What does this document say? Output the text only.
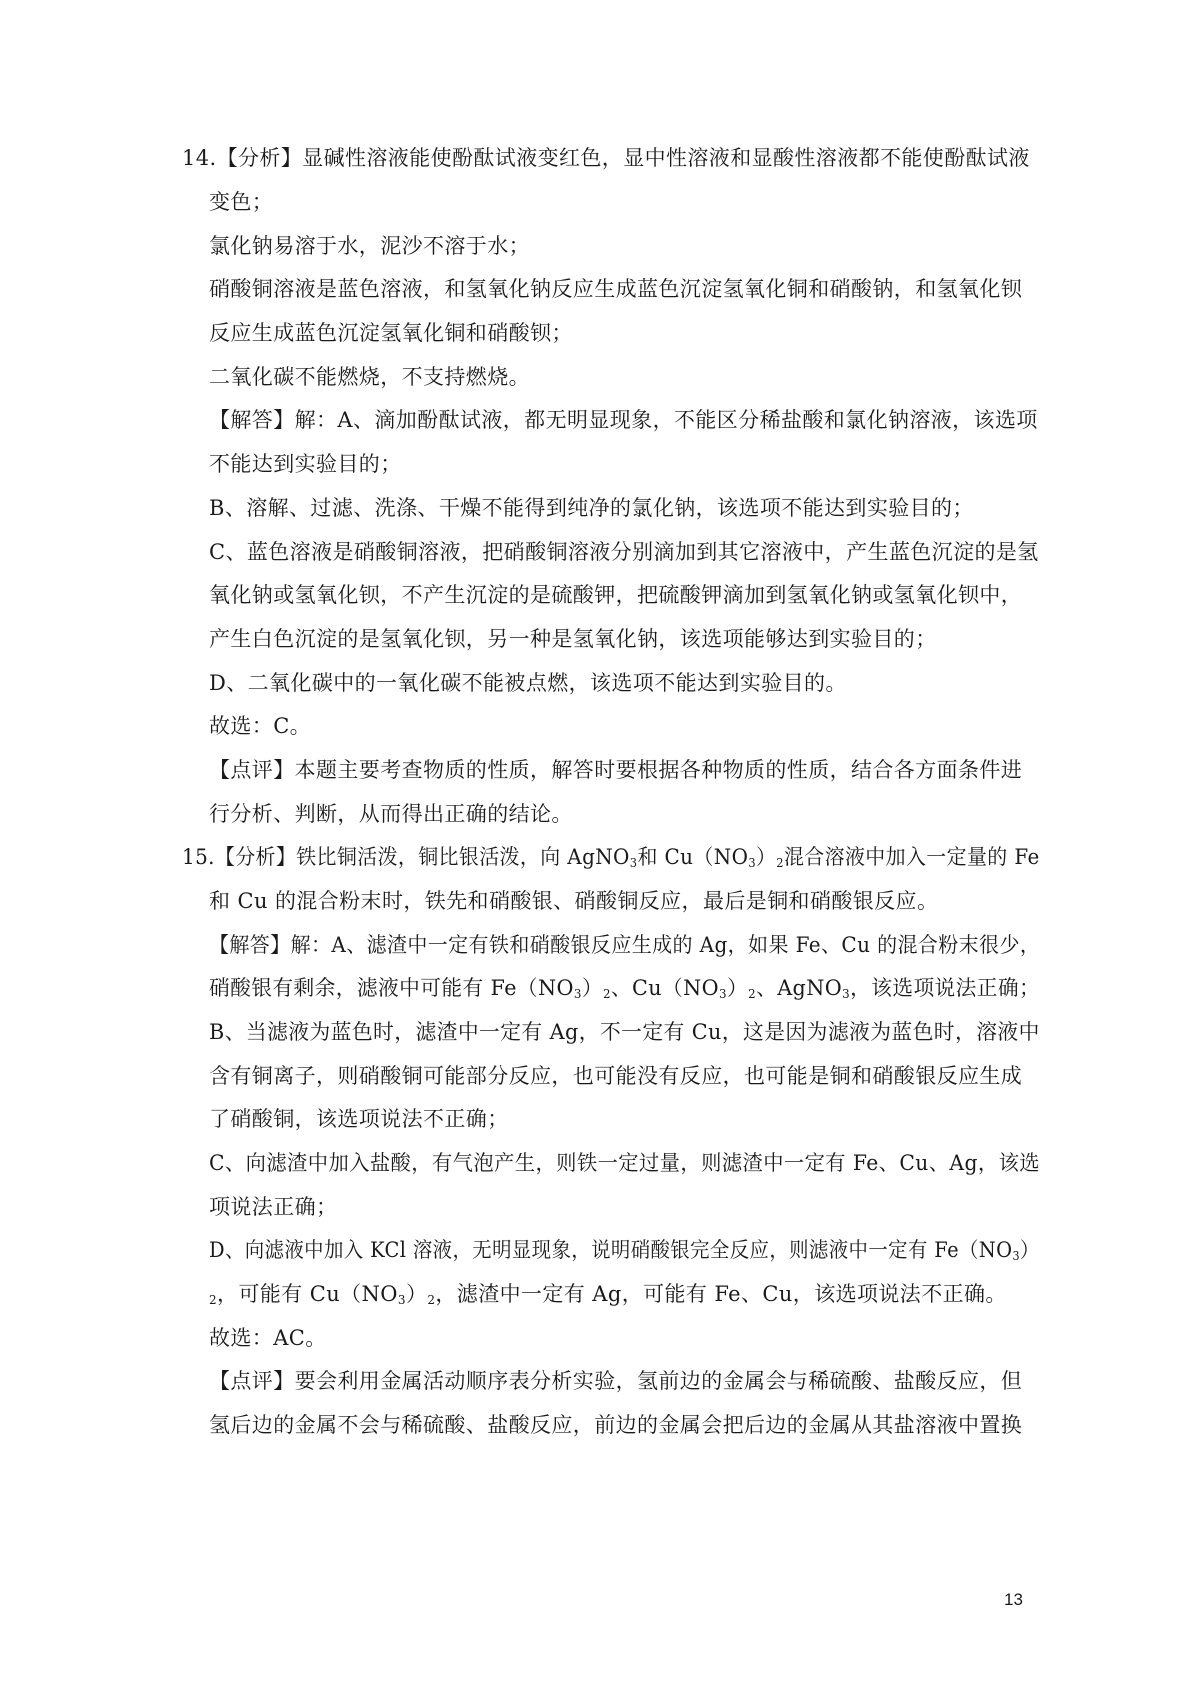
14.【分析】显碱性溶液能使酚酞试液变红色，显中性溶液和显酸性溶液都不能使酚酞试液
变色；
氯化钠易溶于水，泥沙不溶于水；
硝酸铜溶液是蓝色溶液，和氢氧化钠反应生成蓝色沉淀氢氧化铜和硝酸钠，和氢氧化钡
反应生成蓝色沉淀氢氧化铜和硝酸钡；
二氧化碳不能燃烧，不支持燃烧。
【解答】解：A、滴加酚酞试液，都无明显现象，不能区分稀盐酸和氯化钠溶液，该选项
不能达到实验目的；
B、溶解、过滤、洗涤、干燥不能得到纯净的氯化钠，该选项不能达到实验目的；
C、蓝色溶液是硝酸铜溶液，把硝酸铜溶液分别滴加到其它溶液中，产生蓝色沉淀的是氢
氧化钠或氢氧化钡，不产生沉淀的是硫酸钾，把硫酸钾滴加到氢氧化钠或氢氧化钡中，
产生白色沉淀的是氢氧化钡，另一种是氢氧化钠，该选项能够达到实验目的；
D、二氧化碳中的一氧化碳不能被点燃，该选项不能达到实验目的。
故选：C。
【点评】本题主要考查物质的性质，解答时要根据各种物质的性质，结合各方面条件进
行分析、判断，从而得出正确的结论。
15.【分析】铁比铜活泼，铜比银活泼，向 AgNO$_3$和 $Cu(NO_3)_2$混合溶液中加入一定量的 Fe
和 Cu 的混合粉末时，铁先和硝酸银、硝酸铜反应，最后是铜和硝酸银反应。
【解答】解：A、滤渣中一定有铁和硝酸银反应生成的 Ag，如果 Fe、Cu 的混合粉末很少，
硝酸银有剩余，滤液中可能有 $Fe(NO_3)_2$、$Cu(NO_3)_2$、AgNO$_3$，该选项说法正确；
B、当滤液为蓝色时，滤渣中一定有 Ag，不一定有 Cu，这是因为滤液为蓝色时，溶液中
含有铜离子，则硝酸铜可能部分反应，也可能没有反应，也可能是铜和硝酸银反应生成
了硝酸铜，该选项说法不正确；
C、向滤渣中加入盐酸，有气泡产生，则铁一定过量，则滤渣中一定有 Fe、Cu、Ag，该选
项说法正确；
D、向滤液中加入 KCl 溶液，无明显现象，说明硝酸银完全反应，则滤液中一定有 $Fe(NO_3)$
$_2$，可能有 $Cu(NO_3)_2$，滤渣中一定有 Ag，可能有 Fe、Cu，该选项说法不正确。
故选：AC。
【点评】要会利用金属活动顺序表分析实验，氢前边的金属会与稀硫酸、盐酸反应，但
氢后边的金属不会与稀硫酸、盐酸反应，前边的金属会把后边的金属从其盐溶液中置换
13
